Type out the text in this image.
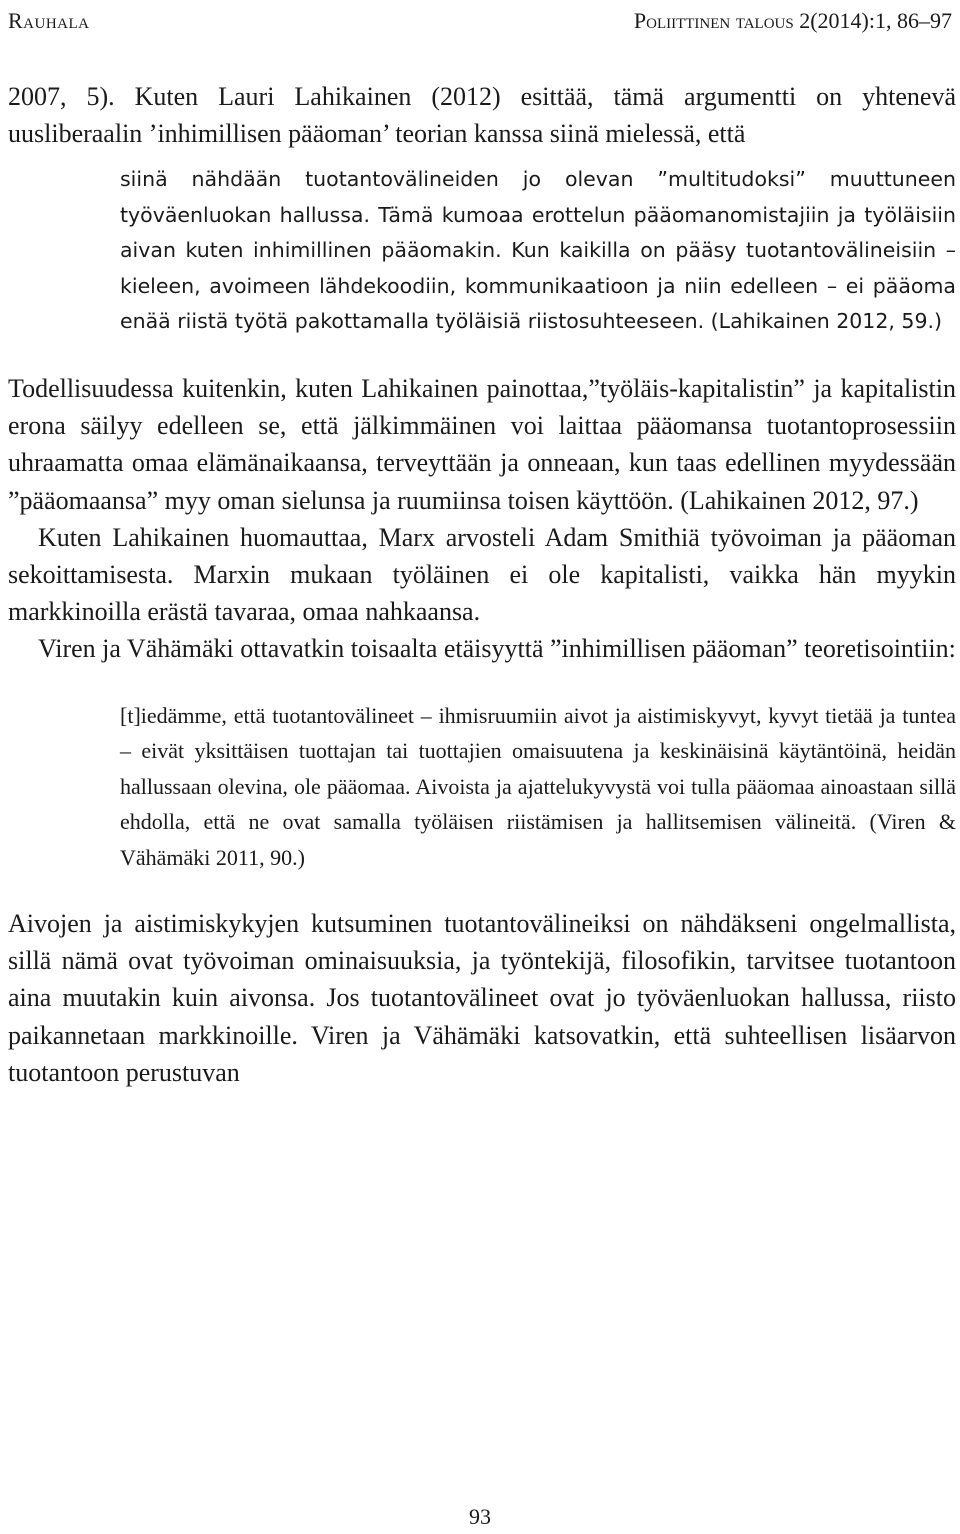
Rauhala	Poliittinen talous 2(2014):1, 86–97

2007, 5). Kuten Lauri Lahikainen (2012) esittää, tämä argumentti on yhtenevä uusliberaalin ’inhimillisen pääoman’ teorian kanssa siinä mielessä, että

siinä nähdään tuotantovälineiden jo olevan ”multitudoksi” muuttuneen työväenluokan hallussa. Tämä kumoaa erottelun pääomanomistajiin ja työläisiin aivan kuten inhimillinen pääomakin. Kun kaikilla on pääsy tuotantovälineisiin – kieleen, avoimeen lähdekoodiin, kommunikaatioon ja niin edelleen – ei pääoma enää riistä työtä pakottamalla työläisiä riistosuhteeseen. (Lahikainen 2012, 59.)

Todellisuudessa kuitenkin, kuten Lahikainen painottaa,”työläis-kapitalistin” ja kapitalistin erona säilyy edelleen se, että jälkimmäinen voi laittaa pääomansa tuotantoprosessiin uhraamatta omaa elämänaikaansa, terveyttään ja onneaan, kun taas edellinen myydessään ”pääomaansa” myy oman sielunsa ja ruumiinsa toisen käyttöön. (Lahikainen 2012, 97.)

Kuten Lahikainen huomauttaa, Marx arvosteli Adam Smithiä työvoiman ja pääoman sekoittamisesta. Marxin mukaan työläinen ei ole kapitalisti, vaikka hän myykin markkinoilla erästä tavaraa, omaa nahkaansa.

Viren ja Vähämäki ottavatkin toisaalta etäisyyttä ”inhimillisen pääoman” teoretisointiin:

[t]iedämme, että tuotantovälineet – ihmisruumiin aivot ja aistimiskyvyt, kyvyt tietää ja tuntea – eivät yksittäisen tuottajan tai tuottajien omaisuutena ja keskinäisinä käytäntöinä, heidän hallussaan olevina, ole pääomaa. Aivoista ja ajattelukyvystä voi tulla pääomaa ainoastaan sillä ehdolla, että ne ovat samalla työläisen riistämisen ja hallitsemisen välineitä. (Viren & Vähämäki 2011, 90.)

Aivojen ja aistimiskykyjen kutsuminen tuotantovälineiksi on nähdäkseni ongelmallista, sillä nämä ovat työvoiman ominaisuuksia, ja työntekijä, filosofikin, tarvitsee tuotantoon aina muutakin kuin aivonsa. Jos tuotantovälineet ovat jo työväenluokan hallussa, riisto paikannetaan markkinoille. Viren ja Vähämäki katsovatkin, että suhteellisen lisäarvon tuotantoon perustuvan

93
